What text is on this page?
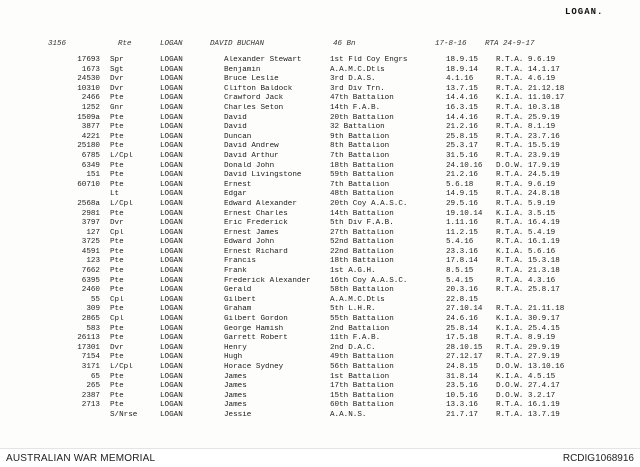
LOGAN.
3156	Rte	LOGAN	DAVID BUCHAN	46 Bn	17-8-16 RTA 24-9-17
17693 Spr	LOGAN	Alexander Stewart	1st Fld Coy Engrs	18.9.15	R.T.A. 9.6.19
1673 Sgt	LOGAN	Benjamin	A.A.M.C.Dtls	18.9.14	R.T.A. 14.1.17
24530 Dvr	LOGAN	Bruce Leslie	3rd D.A.S.	4.1.16	R.T.A. 4.6.19
10310 Dvr	LOGAN	Clifton Baldock	3rd Div Trn.	13.7.15	R.T.A. 21.12.18
2466 Pte	LOGAN	Crawford Jack	47th Battalion	14.4.16	K.I.A. 11.10.17
1252 Gnr	LOGAN	Charles Seton	14th F.A.B.	16.3.15	R.T.A. 10.3.18
1509a Pte	LOGAN	David	20th Battalion	14.4.16	R.T.A. 25.9.19
3877 Pte	LOGAN	David	32 Battalion	21.2.16	R.T.A. 8.1.19
4221 Pte	LOGAN	Duncan	9th Battalion	25.8.15	R.T.A. 23.7.16
25180 Pte	LOGAN	David Andrew	8th Battalion	25.3.17	R.T.A. 15.5.19
6785 L/Cpl	LOGAN	David Arthur	7th Battalion	31.5.16	R.T.A. 23.9.19
6349 Pte	LOGAN	Donald John	18th Battalion	24.10.16	D.O.W. 17.9.19
151 Pte	LOGAN	David Livingstone	59th Battalion	21.2.16	R.T.A. 24.5.19
60710 Pte	LOGAN	Ernest	7th Battalion	5.6.18	R.T.A. 9.6.19
Lt	LOGAN	Edgar	48th Battalion	14.9.15	R.T.A. 24.8.18
2568a L/Cpl	LOGAN	Edward Alexander	20th Coy A.A.S.C.	29.5.16	R.T.A. 5.9.19
2981 Pte	LOGAN	Ernest Charles	14th Battalion	19.10.14	K.I.A. 3.5.15
3797 Dvr	LOGAN	Eric Frederick	5th Div F.A.B.	1.11.16	R.T.A. 16.4.19
127 Cpl	LOGAN	Ernest James	27th Battalion	11.2.15	R.T.A. 5.4.19
3725 Pte	LOGAN	Edward John	52nd Battalion	5.4.16	R.T.A. 16.1.19
4591 Pte	LOGAN	Ernest Richard	22nd Battalion	23.3.16	K.I.A. 5.6.16
123 Pte	LOGAN	Francis	18th Battalion	17.8.14	R.T.A. 15.3.18
7662 Pte	LOGAN	Frank	1st A.G.H.	8.5.15	R.T.A. 21.3.18
6395 Pte	LOGAN	Frederick Alexander	16th Coy A.A.S.C.	5.4.15	R.T.A. 4.3.16
2460 Pte	LOGAN	Gerald	58th Battalion	20.3.16	R.T.A. 25.8.17
55 Cpl	LOGAN	Gilbert	A.A.M.C.Dtls	22.8.15
309 Pte	LOGAN	Graham	5th L.H.R.	27.10.14	R.T.A. 21.11.18
2865 Cpl	LOGAN	Gilbert Gordon	55th Battalion	24.6.16	K.I.A. 30.9.17
583 Pte	LOGAN	George Hamish	2nd Battalion	25.8.14	K.I.A. 25.4.15
26113 Pte	LOGAN	Garrett Robert	11th F.A.B.	17.5.18	R.T.A. 8.9.19
17301 Dvr	LOGAN	Henry	2nd D.A.C.	28.10.15	R.T.A. 29.9.19
7154 Pte	LOGAN	Hugh	49th Battalion	27.12.17	R.T.A. 27.9.19
3171 L/Cpl	LOGAN	Horace Sydney	56th Battalion	24.8.15	D.O.W. 13.10.16
65 Pte	LOGAN	James	1st Battalion	31.8.14	K.I.A. 4.5.15
265 Pte	LOGAN	James	17th Battalion	23.5.16	D.O.W. 27.4.17
2387 Pte	LOGAN	James	15th Battalion	10.5.16	D.O.W. 3.2.17
2713 Pte	LOGAN	James	60th Battalion	13.3.16	R.T.A. 16.1.19
S/Nrse	LOGAN	Jessie	A.A.N.S.	21.7.17	R.T.A. 13.7.19
AUSTRALIAN WAR MEMORIAL	RCDIG1068916
